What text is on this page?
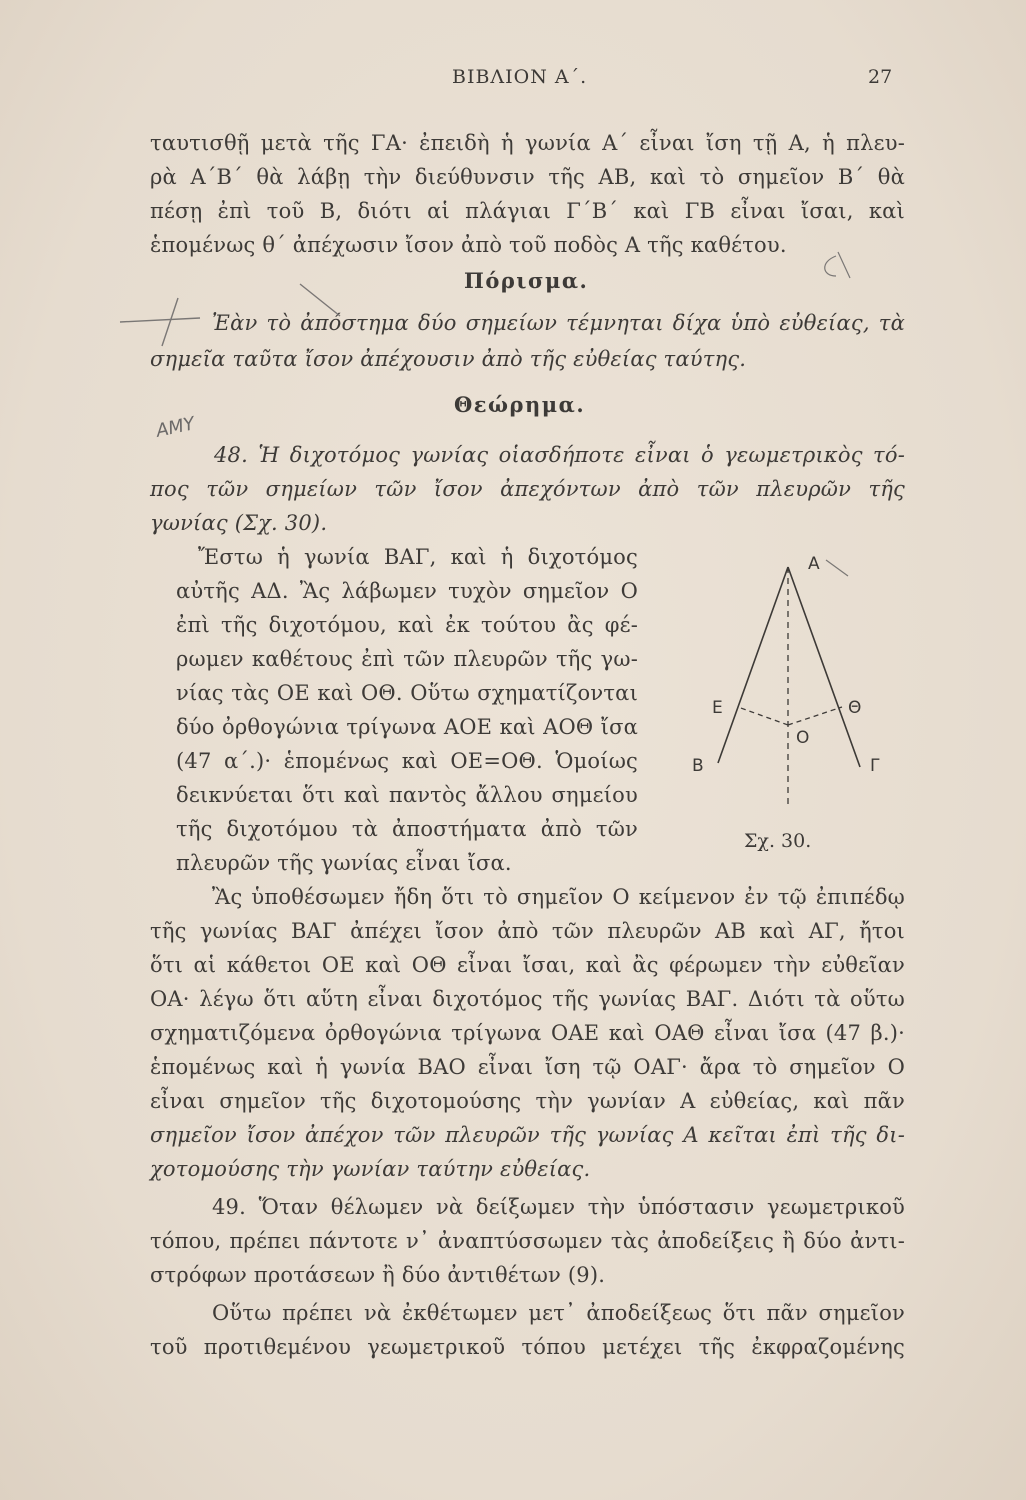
ΒΙΒΛΙΟΝ Α΄.	27
ταυτισθῇ μετὰ τῆς ΓΑ· ἐπειδὴ ἡ γωνία Α΄ εἶναι ἴση τῇ Α, ἡ πλευ-
ρὰ Α΄Β΄ θὰ λάβῃ τὴν διεύθυνσιν τῆς ΑΒ, καὶ τὸ σημεῖον Β΄ θὰ
πέσῃ ἐπὶ τοῦ Β, διότι αἱ πλάγιαι Γ΄Β΄ καὶ ΓΒ εἶναι ἴσαι, καὶ
ἑπομένως θ΄ ἀπέχωσιν ἴσον ἀπὸ τοῦ ποδὸς Α τῆς καθέτου.
Πόρισμα.
Ἐὰν τὸ ἀπόστημα δύο σημείων τέμνηται δίχα ὑπὸ εὐθείας, τὰ
σημεῖα ταῦτα ἴσον ἀπέχουσιν ἀπὸ τῆς εὐθείας ταύτης.
Θεώρημα.
48. Ἡ διχοτόμος γωνίας οἱασδήποτε εἶναι ὁ γεωμετρικὸς τό-
πος τῶν σημείων τῶν ἴσον ἀπεχόντων ἀπὸ τῶν πλευρῶν τῆς
γωνίας (Σχ. 30).
Ἔστω ἡ γωνία ΒΑΓ, καὶ ἡ διχοτόμος
αὐτῆς ΑΔ. Ἂς λάβωμεν τυχὸν σημεῖον Ο
ἐπὶ τῆς διχοτόμου, καὶ ἐκ τούτου ἂς φέ-
ρωμεν καθέτους ἐπὶ τῶν πλευρῶν τῆς γω-
νίας τὰς ΟΕ καὶ ΟΘ. Οὕτω σχηματίζονται
δύο ὀρθογώνια τρίγωνα ΑΟΕ καὶ ΑΟΘ ἴσα
(47 α΄.)· ἑπομένως καὶ ΟΕ=ΟΘ. Ὁμοίως
δεικνύεται ὅτι καὶ παντὸς ἄλλου σημείου
τῆς διχοτόμου τὰ ἀποστήματα ἀπὸ τῶν
πλευρῶν τῆς γωνίας εἶναι ἴσα.
A
E
O
Θ
B	Γ
Σχ. 30.
Ἂς ὑποθέσωμεν ἤδη ὅτι τὸ σημεῖον Ο κείμενον ἐν τῷ ἐπιπέδῳ
τῆς γωνίας ΒΑΓ ἀπέχει ἴσον ἀπὸ τῶν πλευρῶν ΑΒ καὶ ΑΓ, ἤτοι
ὅτι αἱ κάθετοι ΟΕ καὶ ΟΘ εἶναι ἴσαι, καὶ ἂς φέρωμεν τὴν εὐθεῖαν
ΟΑ· λέγω ὅτι αὕτη εἶναι διχοτόμος τῆς γωνίας ΒΑΓ. Διότι τὰ οὕτω
σχηματιζόμενα ὀρθογώνια τρίγωνα ΟΑΕ καὶ ΟΑΘ εἶναι ἴσα (47 β.)·
ἑπομένως καὶ ἡ γωνία ΒΑΟ εἶναι ἴση τῷ ΟΑΓ· ἄρα τὸ σημεῖον Ο
εἶναι σημεῖον τῆς διχοτομούσης τὴν γωνίαν Α εὐθείας, καὶ πᾶν
σημεῖον ἴσον ἀπέχον τῶν πλευρῶν τῆς γωνίας Α κεῖται ἐπὶ τῆς δι-
χοτομούσης τὴν γωνίαν ταύτην εὐθείας.
49. Ὅταν θέλωμεν νὰ δείξωμεν τὴν ὑπόστασιν γεωμετρικοῦ
τόπου, πρέπει πάντοτε ν᾿ ἀναπτύσσωμεν τὰς ἀποδείξεις ἢ δύο ἀντι-
στρόφων προτάσεων ἢ δύο ἀντιθέτων (9).
Οὕτω πρέπει νὰ ἐκθέτωμεν μετ᾿ ἀποδείξεως ὅτι πᾶν σημεῖον
τοῦ προτιθεμένου γεωμετρικοῦ τόπου μετέχει τῆς ἐκφραζομένης
AMY
